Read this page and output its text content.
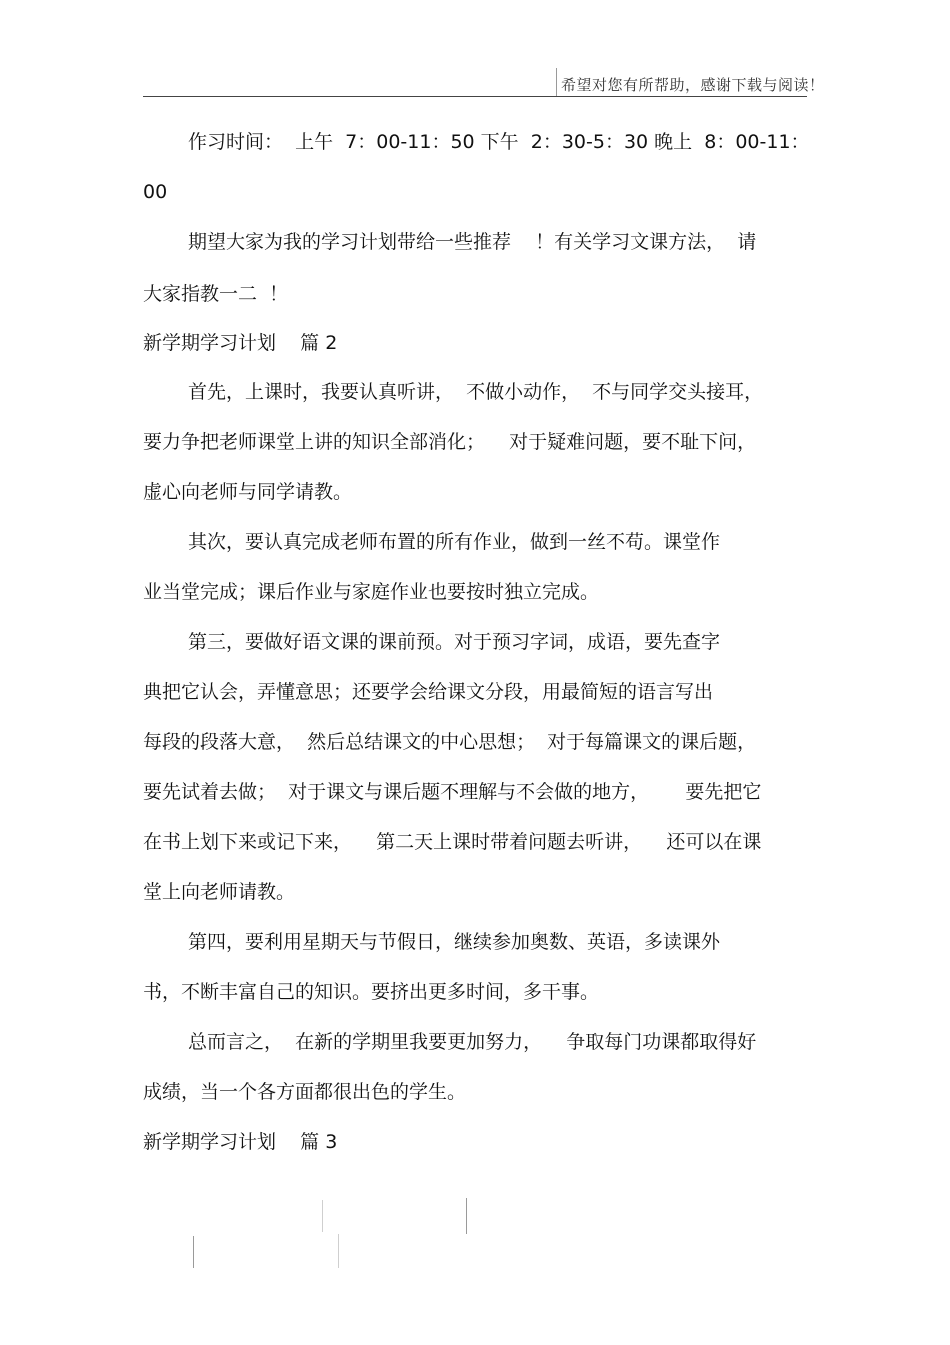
希望对您有所帮助，感谢下载与阅读！
作习时间：  上午  7：00-11：50 下午  2：30-5：30 晚上  8：00-11：
00
期望大家为我的学习计划带给一些推荐    ！有关学习文课方法，  请
大家指教一二  ！
新学期学习计划    篇 2
首先，上课时，我要认真听讲，  不做小动作，  不与同学交头接耳，
要力争把老师课堂上讲的知识全部消化；    对于疑难问题，要不耻下问，
虚心向老师与同学请教。
其次，要认真完成老师布置的所有作业，做到一丝不苟。课堂作
业当堂完成；课后作业与家庭作业也要按时独立完成。
第三，要做好语文课的课前预。对于预习字词，成语，要先查字
典把它认会，弄懂意思；还要学会给课文分段，用最简短的语言写出
每段的段落大意，  然后总结课文的中心思想；  对于每篇课文的课后题，
要先试着去做；  对于课文与课后题不理解与不会做的地方，      要先把它
在书上划下来或记下来，    第二天上课时带着问题去听讲，    还可以在课
堂上向老师请教。
第四，要利用星期天与节假日，继续参加奥数、英语，多读课外
书，不断丰富自己的知识。要挤出更多时间，多干事。
总而言之，  在新的学期里我要更加努力，    争取每门功课都取得好
成绩，当一个各方面都很出色的学生。
新学期学习计划    篇 3
